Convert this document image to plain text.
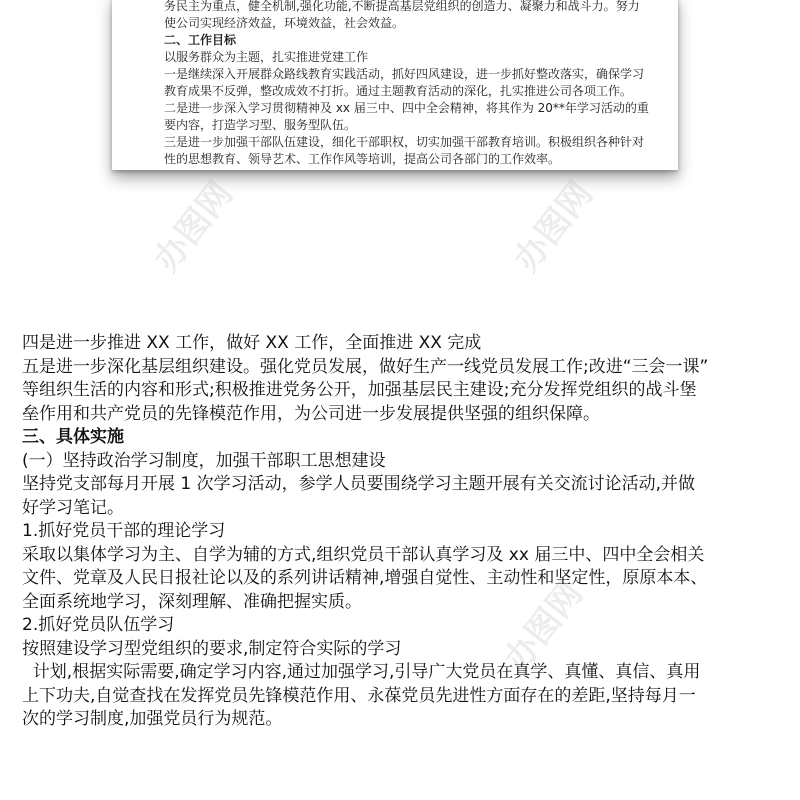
务民主为重点，健全机制,强化功能,不断提高基层党组织的创造力、凝聚力和战斗力。努力
使公司实现经济效益，环境效益，社会效益。
二、工作目标
以服务群众为主题，扎实推进党建工作
一是继续深入开展群众路线教育实践活动，抓好四风建设，进一步抓好整改落实，确保学习
教育成果不反弹，整改成效不打折。通过主题教育活动的深化，扎实推进公司各项工作。
二是进一步深入学习贯彻精神及 xx 届三中、四中全会精神，将其作为 20**年学习活动的重
要内容，打造学习型、服务型队伍。
三是进一步加强干部队伍建设，细化干部职权，切实加强干部教育培训。积极组织各种针对
性的思想教育、领导艺术、工作作风等培训，提高公司各部门的工作效率。
办图网	办图网
办图网
四是进一步推进 XX 工作，做好 XX 工作，全面推进 XX 完成
五是进一步深化基层组织建设。强化党员发展，做好生产一线党员发展工作;改进“三会一课”
等组织生活的内容和形式;积极推进党务公开，加强基层民主建设;充分发挥党组织的战斗堡
垒作用和共产党员的先锋模范作用，为公司进一步发展提供坚强的组织保障。
三、具体实施
(一）坚持政治学习制度，加强干部职工思想建设
坚持党支部每月开展 1 次学习活动，参学人员要围绕学习主题开展有关交流讨论活动,并做
好学习笔记。
1.抓好党员干部的理论学习
采取以集体学习为主、自学为辅的方式,组织党员干部认真学习及 xx 届三中、四中全会相关
文件、党章及人民日报社论以及的系列讲话精神,增强自觉性、主动性和坚定性，原原本本、
全面系统地学习，深刻理解、准确把握实质。
2.抓好党员队伍学习
按照建设学习型党组织的要求,制定符合实际的学习
计划,根据实际需要,确定学习内容,通过加强学习,引导广大党员在真学、真懂、真信、真用
上下功夫,自觉查找在发挥党员先锋模范作用、永葆党员先进性方面存在的差距,坚持每月一
次的学习制度,加强党员行为规范。
